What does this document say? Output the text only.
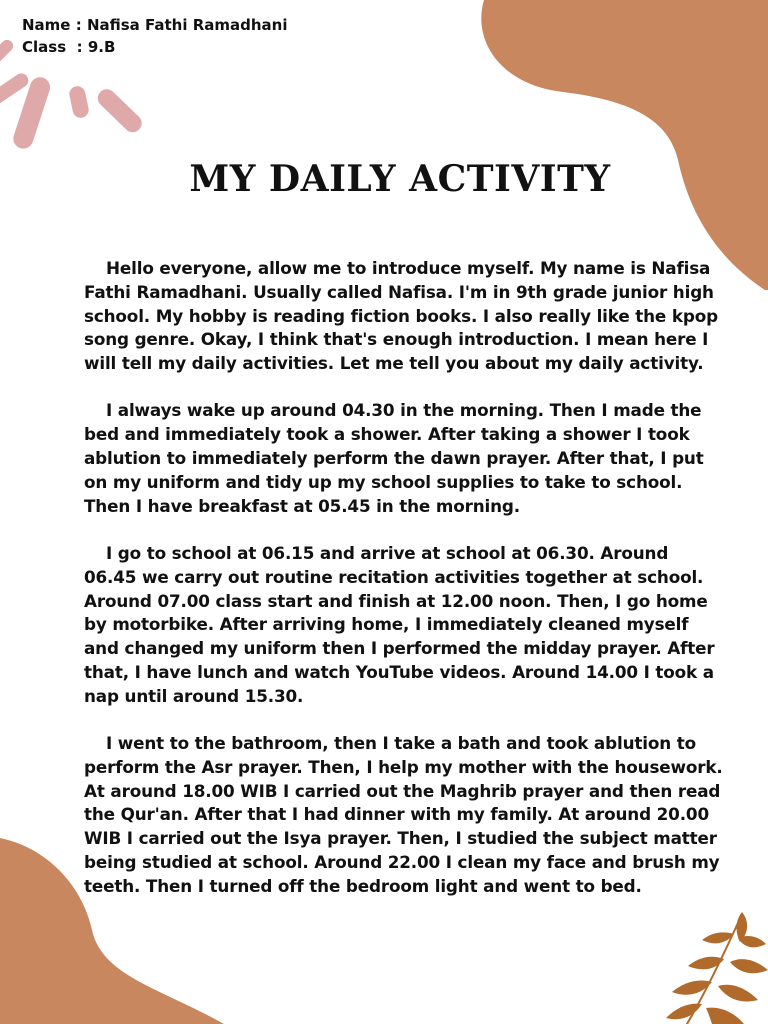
Name : Nafisa Fathi Ramadhani
Class  : 9.B
MY DAILY ACTIVITY

Hello everyone, allow me to introduce myself. My name is Nafisa Fathi Ramadhani. Usually called Nafisa. I'm in 9th grade junior high school. My hobby is reading fiction books. I also really like the kpop song genre. Okay, I think that's enough introduction. I mean here I will tell my daily activities. Let me tell you about my daily activity.

I always wake up around 04.30 in the morning. Then I made the bed and immediately took a shower. After taking a shower I took ablution to immediately perform the dawn prayer. After that, I put on my uniform and tidy up my school supplies to take to school. Then I have breakfast at 05.45 in the morning.

I go to school at 06.15 and arrive at school at 06.30. Around 06.45 we carry out routine recitation activities together at school. Around 07.00 class start and finish at 12.00 noon. Then, I go home by motorbike. After arriving home, I immediately cleaned myself and changed my uniform then I performed the midday prayer. After that, I have lunch and watch YouTube videos. Around 14.00 I took a nap until around 15.30.

I went to the bathroom, then I take a bath and took ablution to perform the Asr prayer. Then, I help my mother with the housework. At around 18.00 WIB I carried out the Maghrib prayer and then read the Qur'an. After that I had dinner with my family. At around 20.00 WIB I carried out the Isya prayer. Then, I studied the subject matter being studied at school. Around 22.00 I clean my face and brush my teeth. Then I turned off the bedroom light and went to bed.
